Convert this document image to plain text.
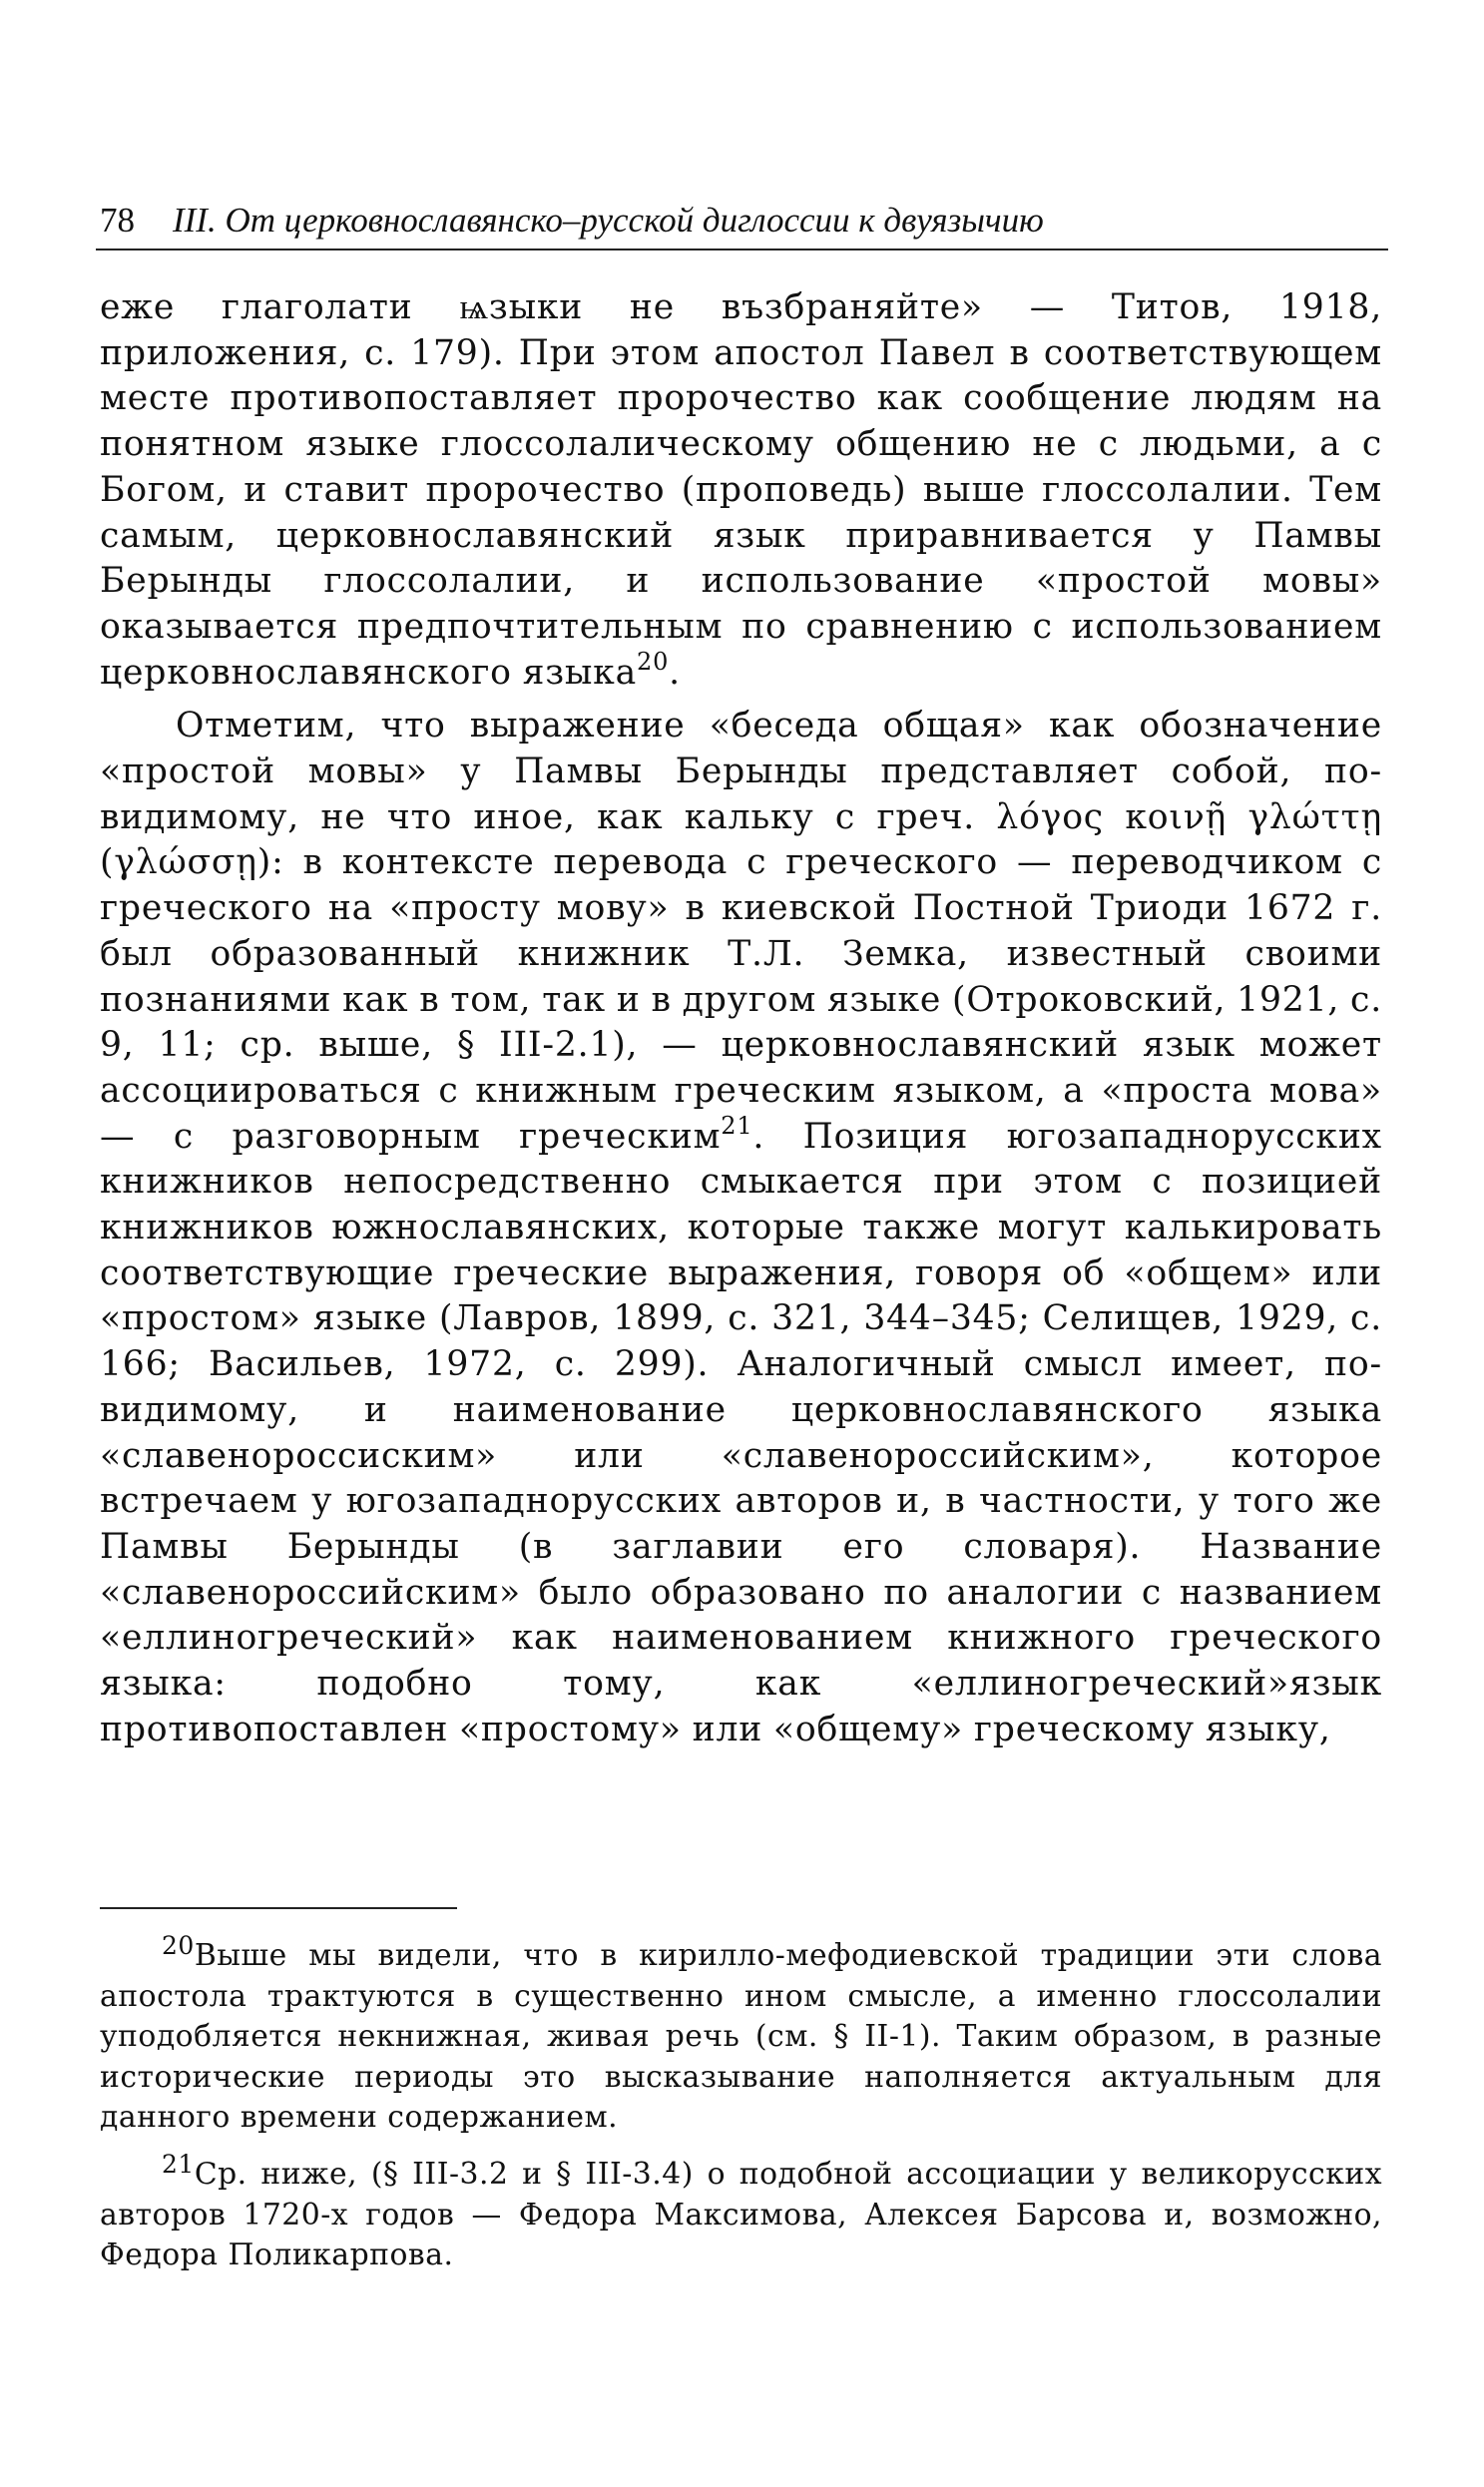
78 III. От церковнославянско–русской диглоссии к двуязычию

еже глаголати ѩзыки не възбраняйте» — Титов, 1918, приложения, с. 179). При этом апостол Павел в соответствующем месте противопоставляет пророчество как сообщение людям на понятном языке глоссолалическому общению не с людьми, а с Богом, и ставит пророчество (проповедь) выше глоссолалии. Тем самым, церковнославянский язык приравнивается у Памвы Берынды глоссолалии, и использование «простой мовы» оказывается предпочтительным по сравнению с использованием церковнославянского языка$^{20}$.

Отметим, что выражение «беседа общая» как обозначение «простой мовы» у Памвы Берынды представляет собой, по-видимому, не что иное, как кальку с греч. λόγος κοινῇ γλώττῃ (γλώσσῃ): в контексте перевода с греческого — переводчиком с греческого на «просту мову» в киевской Постной Триоди 1672 г. был образованный книжник Т.Л. Земка, известный своими познаниями как в том, так и в другом языке (Отроковский, 1921, с. 9, 11; ср. выше, § III-2.1), — церковнославянский язык может ассоциироваться с книжным греческим языком, а «проста мова» — с разговорным греческим$^{21}$. Позиция югозападнорусских книжников непосредственно смыкается при этом с позицией книжников южнославянских, которые также могут калькировать соответствующие греческие выражения, говоря об «общем» или «простом» языке (Лавров, 1899, с. 321, 344–345; Селищев, 1929, с. 166; Васильев, 1972, с. 299). Аналогичный смысл имеет, по-видимому, и наименование церковнославянского языка «славенороссиским» или «славенороссийским», которое встречаем у югозападнорусских авторов и, в частности, у того же Памвы Берынды (в заглавии его словаря). Название «славенороссийским» было образовано по аналогии с названием «еллиногреческий» как наименованием книжного греческого языка: подобно тому, как «еллиногреческий»язык противопоставлен «простому» или «общему» греческому языку,

$^{20}$Выше мы видели, что в кирилло-мефодиевской традиции эти слова апостола трактуются в существенно ином смысле, а именно глоссолалии уподобляется некнижная, живая речь (см. § II-1). Таким образом, в разные исторические периоды это высказывание наполняется актуальным для данного времени содержанием.

$^{21}$Ср. ниже, (§ III-3.2 и § III-3.4) о подобной ассоциации у великорусских авторов 1720-х годов — Федора Максимова, Алексея Барсова и, возможно, Федора Поликарпова.
